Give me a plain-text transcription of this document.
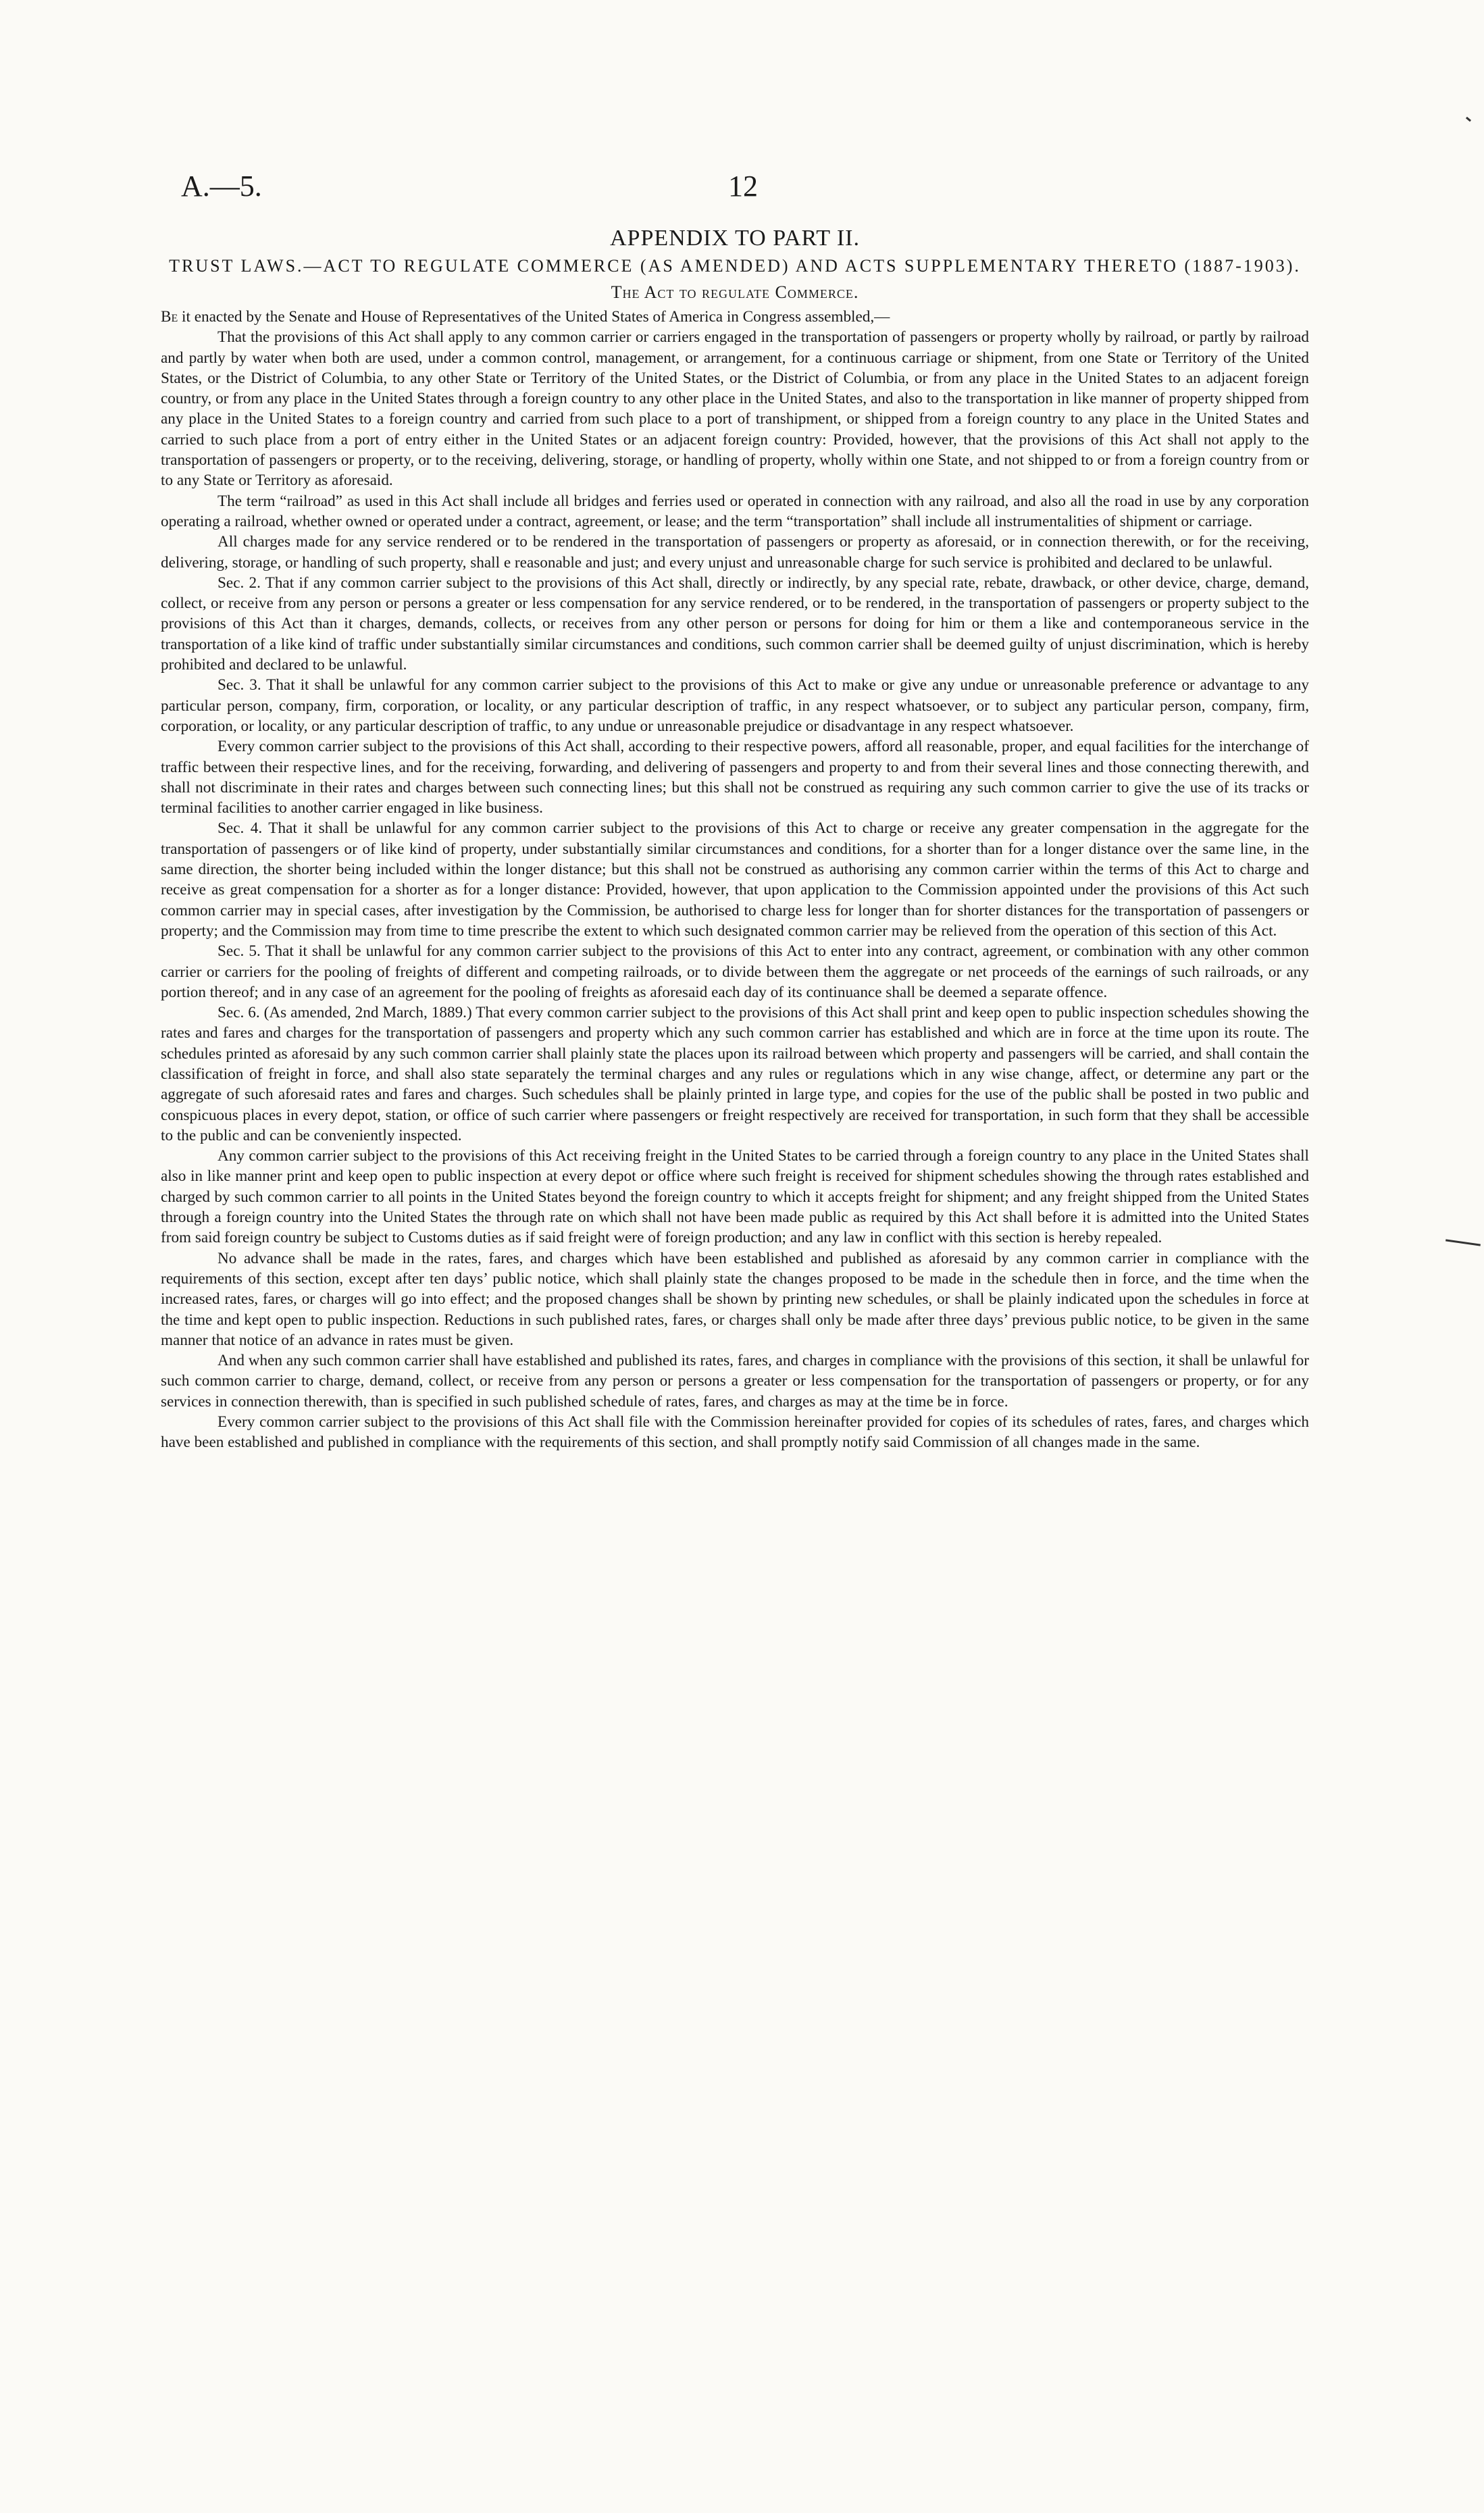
A.—5.	12
APPENDIX TO PART II.
TRUST LAWS.—ACT TO REGULATE COMMERCE (AS AMENDED) AND ACTS SUPPLEMENTARY THERETO (1887-1903).
The Act to regulate Commerce.

Be it enacted by the Senate and House of Representatives of the United States of America in Congress assembled,—

That the provisions of this Act shall apply to any common carrier or carriers engaged in the transportation of passengers or property wholly by railroad, or partly by railroad and partly by water when both are used, under a common control, management, or arrangement, for a continuous carriage or shipment, from one State or Territory of the United States, or the District of Columbia, to any other State or Territory of the United States, or the District of Columbia, or from any place in the United States to an adjacent foreign country, or from any place in the United States through a foreign country to any other place in the United States, and also to the transportation in like manner of property shipped from any place in the United States to a foreign country and carried from such place to a port of transhipment, or shipped from a foreign country to any place in the United States and carried to such place from a port of entry either in the United States or an adjacent foreign country: Provided, however, that the provisions of this Act shall not apply to the transportation of passengers or property, or to the receiving, delivering, storage, or handling of property, wholly within one State, and not shipped to or from a foreign country from or to any State or Territory as aforesaid.

The term “railroad” as used in this Act shall include all bridges and ferries used or operated in connection with any railroad, and also all the road in use by any corporation operating a railroad, whether owned or operated under a contract, agreement, or lease; and the term “transportation” shall include all instrumentalities of shipment or carriage.

All charges made for any service rendered or to be rendered in the transportation of passengers or property as aforesaid, or in connection therewith, or for the receiving, delivering, storage, or handling of such property, shall e reasonable and just; and every unjust and unreasonable charge for such service is prohibited and declared to be unlawful.

Sec. 2. That if any common carrier subject to the provisions of this Act shall, directly or indirectly, by any special rate, rebate, drawback, or other device, charge, demand, collect, or receive from any person or persons a greater or less compensation for any service rendered, or to be rendered, in the transportation of passengers or property subject to the provisions of this Act than it charges, demands, collects, or receives from any other person or persons for doing for him or them a like and contemporaneous service in the transportation of a like kind of traffic under substantially similar circumstances and conditions, such common carrier shall be deemed guilty of unjust discrimination, which is hereby prohibited and declared to be unlawful.

Sec. 3. That it shall be unlawful for any common carrier subject to the provisions of this Act to make or give any undue or unreasonable preference or advantage to any particular person, company, firm, corporation, or locality, or any particular description of traffic, in any respect whatsoever, or to subject any particular person, company, firm, corporation, or locality, or any particular description of traffic, to any undue or unreasonable prejudice or disadvantage in any respect whatsoever.

Every common carrier subject to the provisions of this Act shall, according to their respective powers, afford all reasonable, proper, and equal facilities for the interchange of traffic between their respective lines, and for the receiving, forwarding, and delivering of passengers and property to and from their several lines and those connecting therewith, and shall not discriminate in their rates and charges between such connecting lines; but this shall not be construed as requiring any such common carrier to give the use of its tracks or terminal facilities to another carrier engaged in like business.

Sec. 4. That it shall be unlawful for any common carrier subject to the provisions of this Act to charge or receive any greater compensation in the aggregate for the transportation of passengers or of like kind of property, under substantially similar circumstances and conditions, for a shorter than for a longer distance over the same line, in the same direction, the shorter being included within the longer distance; but this shall not be construed as authorising any common carrier within the terms of this Act to charge and receive as great compensation for a shorter as for a longer distance: Provided, however, that upon application to the Commission appointed under the provisions of this Act such common carrier may in special cases, after investigation by the Commission, be authorised to charge less for longer than for shorter distances for the transportation of passengers or property; and the Commission may from time to time prescribe the extent to which such designated common carrier may be relieved from the operation of this section of this Act.

Sec. 5. That it shall be unlawful for any common carrier subject to the provisions of this Act to enter into any contract, agreement, or combination with any other common carrier or carriers for the pooling of freights of different and competing railroads, or to divide between them the aggregate or net proceeds of the earnings of such railroads, or any portion thereof; and in any case of an agreement for the pooling of freights as aforesaid each day of its continuance shall be deemed a separate offence.

Sec. 6. (As amended, 2nd March, 1889.) That every common carrier subject to the provisions of this Act shall print and keep open to public inspection schedules showing the rates and fares and charges for the transportation of passengers and property which any such common carrier has established and which are in force at the time upon its route. The schedules printed as aforesaid by any such common carrier shall plainly state the places upon its railroad between which property and passengers will be carried, and shall contain the classification of freight in force, and shall also state separately the terminal charges and any rules or regulations which in any wise change, affect, or determine any part or the aggregate of such aforesaid rates and fares and charges. Such schedules shall be plainly printed in large type, and copies for the use of the public shall be posted in two public and conspicuous places in every depot, station, or office of such carrier where passengers or freight respectively are received for transportation, in such form that they shall be accessible to the public and can be conveniently inspected.

Any common carrier subject to the provisions of this Act receiving freight in the United States to be carried through a foreign country to any place in the United States shall also in like manner print and keep open to public inspection at every depot or office where such freight is received for shipment schedules showing the through rates established and charged by such common carrier to all points in the United States beyond the foreign country to which it accepts freight for shipment; and any freight shipped from the United States through a foreign country into the United States the through rate on which shall not have been made public as required by this Act shall before it is admitted into the United States from said foreign country be subject to Customs duties as if said freight were of foreign production; and any law in conflict with this section is hereby repealed.

No advance shall be made in the rates, fares, and charges which have been established and published as aforesaid by any common carrier in compliance with the requirements of this section, except after ten days’ public notice, which shall plainly state the changes proposed to be made in the schedule then in force, and the time when the increased rates, fares, or charges will go into effect; and the proposed changes shall be shown by printing new schedules, or shall be plainly indicated upon the schedules in force at the time and kept open to public inspection. Reductions in such published rates, fares, or charges shall only be made after three days’ previous public notice, to be given in the same manner that notice of an advance in rates must be given.

And when any such common carrier shall have established and published its rates, fares, and charges in compliance with the provisions of this section, it shall be unlawful for such common carrier to charge, demand, collect, or receive from any person or persons a greater or less compensation for the transportation of passengers or property, or for any services in connection therewith, than is specified in such published schedule of rates, fares, and charges as may at the time be in force.

Every common carrier subject to the provisions of this Act shall file with the Commission hereinafter provided for copies of its schedules of rates, fares, and charges which have been established and published in compliance with the requirements of this section, and shall promptly notify said Commission of all changes made in the same.
